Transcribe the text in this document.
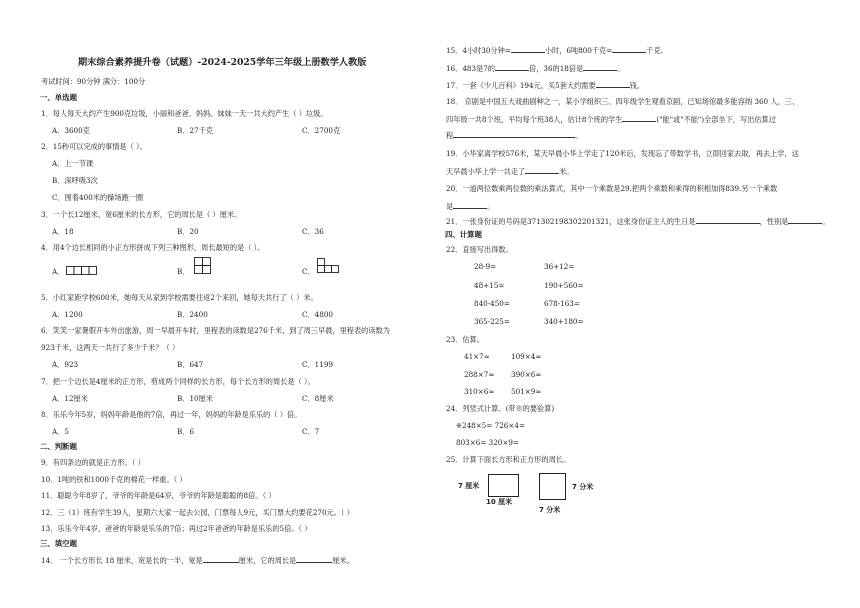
期末综合素养提升卷（试题）-2024-2025学年三年级上册数学人教版
考试时间：90分钟 满分：100分
一、单选题
1．每人每天大约产生900克垃圾，小丽和爸爸、妈妈、妹妹一天一共大约产生（ ）垃圾。
A．3600克	B．27千克	C．2700克
2．15秒可以完成的事情是（ ）。
A．上一节课
B．深呼吸3次
C．围着400米的操场跑一圈
3．一个长12厘米，宽6厘米的长方形，它的周长是（ ）厘米。
A．18	B．20	C．36
4．用4个边长相同的小正方形拼成下列三种图形，周长最短的是（ ）。
A．	B．	C．
5．小红家距学校600米，她每天从家到学校需要往返2个来回，她每天共行了（ ）米。
A．1200	B．2400	C．4800
6．笑笑一家暑假开车外出旅游，周一早晨开车时，里程表的读数是276千米，到了周三早晨，里程表的读数为
923千米，这两天一共行了多少千米？（ ）
A．923	B．647	C．1199
7．把一个边长是4厘米的正方形，剪成两个同样的长方形，每个长方形的周长是（ ）。
A．12厘米	B．10厘米	C．8厘米
8．乐乐今年5岁，妈妈年龄是他的7倍，再过一年，妈妈的年龄是乐乐的（ ）倍。
A．5	B．6	C．7
二、判断题
9．有四条边的就是正方形。（ ）
10．1吨的铁和1000千克的棉花一样重。（ ）
11．聪聪今年8岁了，爷爷的年龄是64岁，爷爷的年龄是聪聪的8倍。（ ）
12．三（1）班有学生39人，星期六大家一起去公园，门票每人9元，买门票大约要花270元。（ ）
13．乐乐今年4岁，爸爸的年龄是乐乐的7倍；再过2年爸爸的年龄是乐乐的5倍。（ ）
三、填空题
14． 一个长方形长 18 厘米，宽是长的一半，宽是	厘米，它的周长是	厘米。
15．4小时30分钟=	小时，6吨800千克=	千克.
16．483是7的	倍，36的18倍是	。
17．一套《少儿百科》194元，买5套大约需要	钱。
18． 京剧是中国五大戏曲剧种之一，某小学组织三、四年级学生观看京剧，已知场馆最多能容纳 360 人，三、
四年级一共8个班，平均每个班38人，估计8个班的学生	("能"或"不能")全部坐下，写出估算过
程	。
19．小华家离学校576米，某天早晨小华上学走了120米后，发现忘了带数学书，立即回家去取，再去上学，这
天早晨小华上学一共走了	米。
20．一道两位数乘两位数的乘法算式，其中一个乘数是29.把两个乘数和乘得的积相加得839.另一个乘数
是	。
21．一张身份证的号码是371302198302201321，这张身份证主人的生日是	，性别是	。
四、计算题
22．直接写出得数。
28-9=	36+12=
48+15=	190+560=
840-450=	678-163=
365-225=	340+180=
23．估算。
41×7≈	109×4≈
288×7≈ 390×6≈
310×6≈ 501×9≈
24．列竖式计算。(带※的要验算)
※248×5= 726×4=
803×6= 320×9=
25．计算下面长方形和正方形的周长。
7 厘米
10 厘米
7 分米
7 分米
